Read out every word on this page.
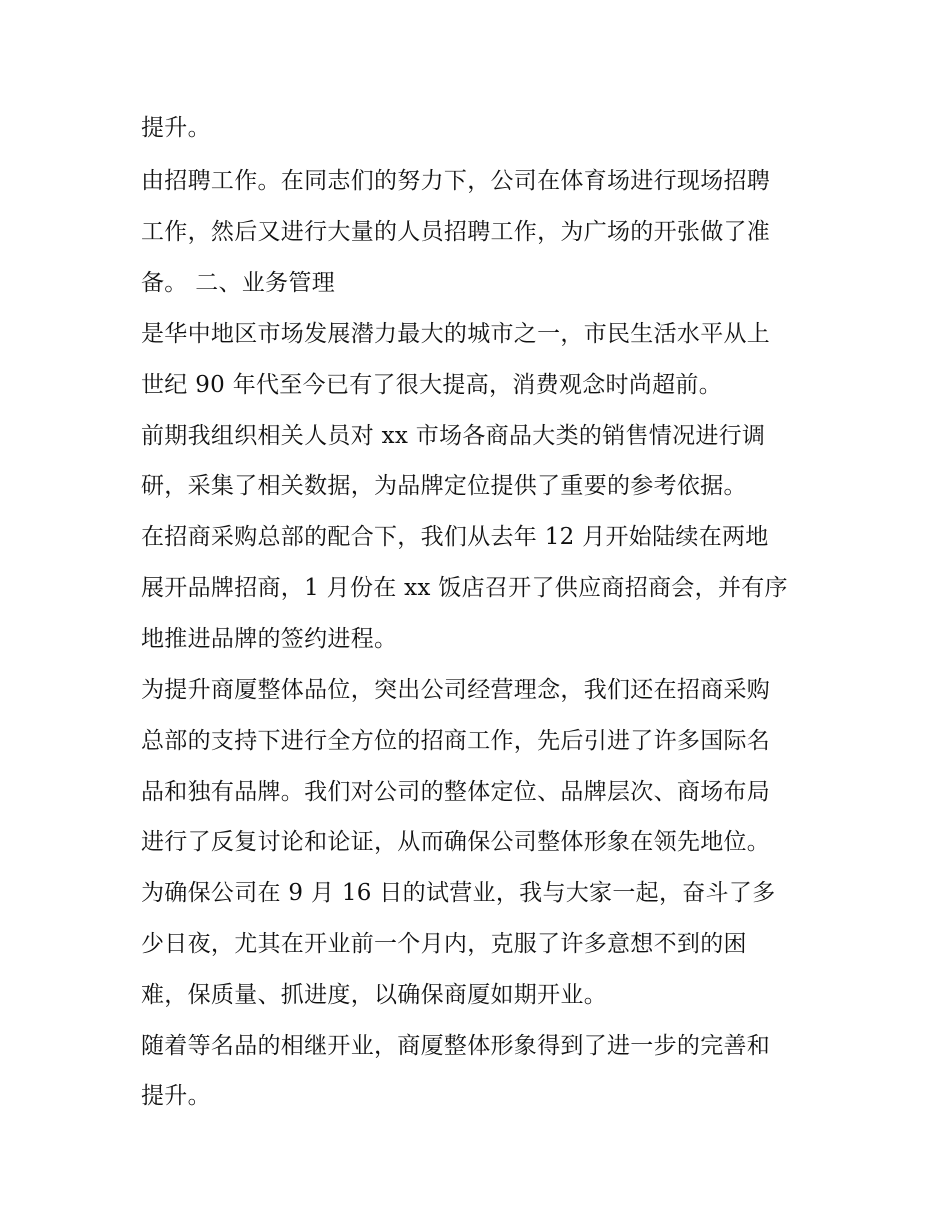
提升。
由招聘工作。在同志们的努力下，公司在体育场进行现场招聘
工作，然后又进行大量的人员招聘工作，为广场的开张做了准
备。 二、业务管理
是华中地区市场发展潜力最大的城市之一，市民生活水平从上
世纪 90 年代至今已有了很大提高，消费观念时尚超前。
前期我组织相关人员对 xx 市场各商品大类的销售情况进行调
研，采集了相关数据，为品牌定位提供了重要的参考依据。
在招商采购总部的配合下，我们从去年 12 月开始陆续在两地
展开品牌招商，1 月份在 xx 饭店召开了供应商招商会，并有序
地推进品牌的签约进程。
为提升商厦整体品位，突出公司经营理念，我们还在招商采购
总部的支持下进行全方位的招商工作，先后引进了许多国际名
品和独有品牌。我们对公司的整体定位、品牌层次、商场布局
进行了反复讨论和论证，从而确保公司整体形象在领先地位。
为确保公司在 9 月 16 日的试营业，我与大家一起，奋斗了多
少日夜，尤其在开业前一个月内，克服了许多意想不到的困
难，保质量、抓进度，以确保商厦如期开业。
随着等名品的相继开业，商厦整体形象得到了进一步的完善和
提升。
